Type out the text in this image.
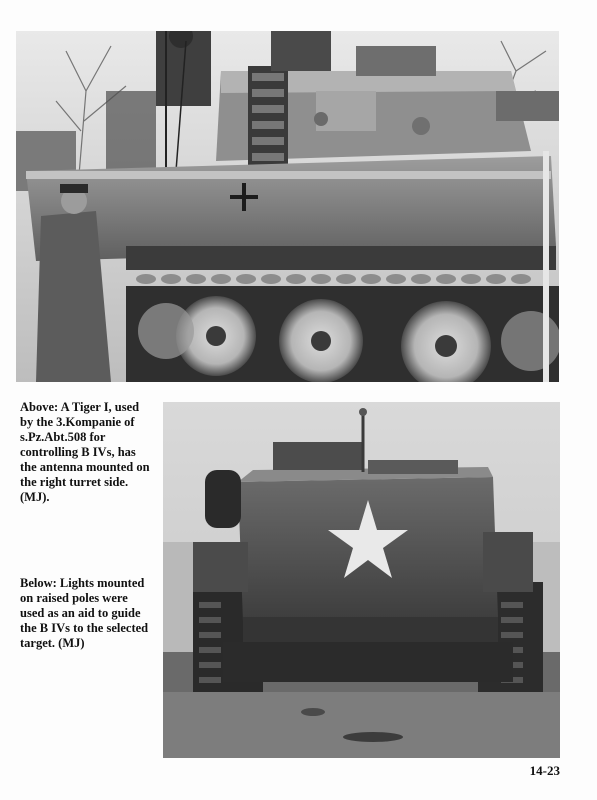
Above: A Tiger I, used
by the 3.Kompanie of
s.Pz.Abt.508 for
controlling B IVs, has
the antenna mounted on
the right turret side.
(MJ).

Below: Lights mounted
on raised poles were
used as an aid to guide
the B IVs to the selected
target. (MJ)

14-23
